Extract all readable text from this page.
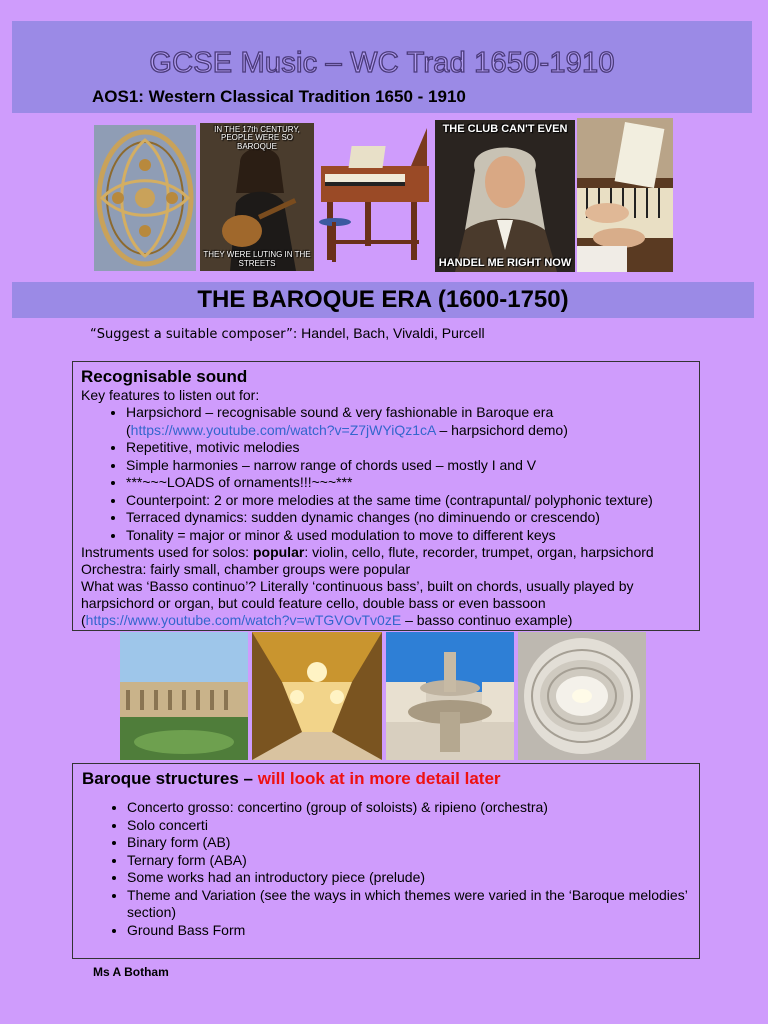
GCSE Music – WC Trad 1650-1910
AOS1: Western Classical Tradition 1650 - 1910
IN THE 17th CENTURY, PEOPLE WERE SO BAROQUE
THEY WERE LUTING IN THE STREETS
THE CLUB CAN'T EVEN
HANDEL ME RIGHT NOW
THE BAROQUE ERA (1600-1750)
“Suggest a suitable composer”: Handel, Bach, Vivaldi, Purcell
Recognisable sound
Key features to listen out for:
• Harpsichord – recognisable sound & very fashionable in Baroque era
(https://www.youtube.com/watch?v=Z7jWYiQz1cA – harpsichord demo)
• Repetitive, motivic melodies
• Simple harmonies – narrow range of chords used – mostly I and V
• ***~~~LOADS of ornaments!!!~~~***
• Counterpoint: 2 or more melodies at the same time (contrapuntal/ polyphonic texture)
• Terraced dynamics: sudden dynamic changes (no diminuendo or crescendo)
• Tonality = major or minor & used modulation to move to different keys
Instruments used for solos: popular: violin, cello, flute, recorder, trumpet, organ, harpsichord
Orchestra: fairly small, chamber groups were popular
What was ‘Basso continuo’? Literally ‘continuous bass’, built on chords, usually played by
harpsichord or organ, but could feature cello, double bass or even bassoon
(https://www.youtube.com/watch?v=wTGVOvTv0zE – basso continuo example)
Baroque structures – will look at in more detail later
• Concerto grosso: concertino (group of soloists) & ripieno (orchestra)
• Solo concerti
• Binary form (AB)
• Ternary form (ABA)
• Some works had an introductory piece (prelude)
• Theme and Variation (see the ways in which themes were varied in the ‘Baroque melodies’ section)
• Ground Bass Form
Ms A Botham
